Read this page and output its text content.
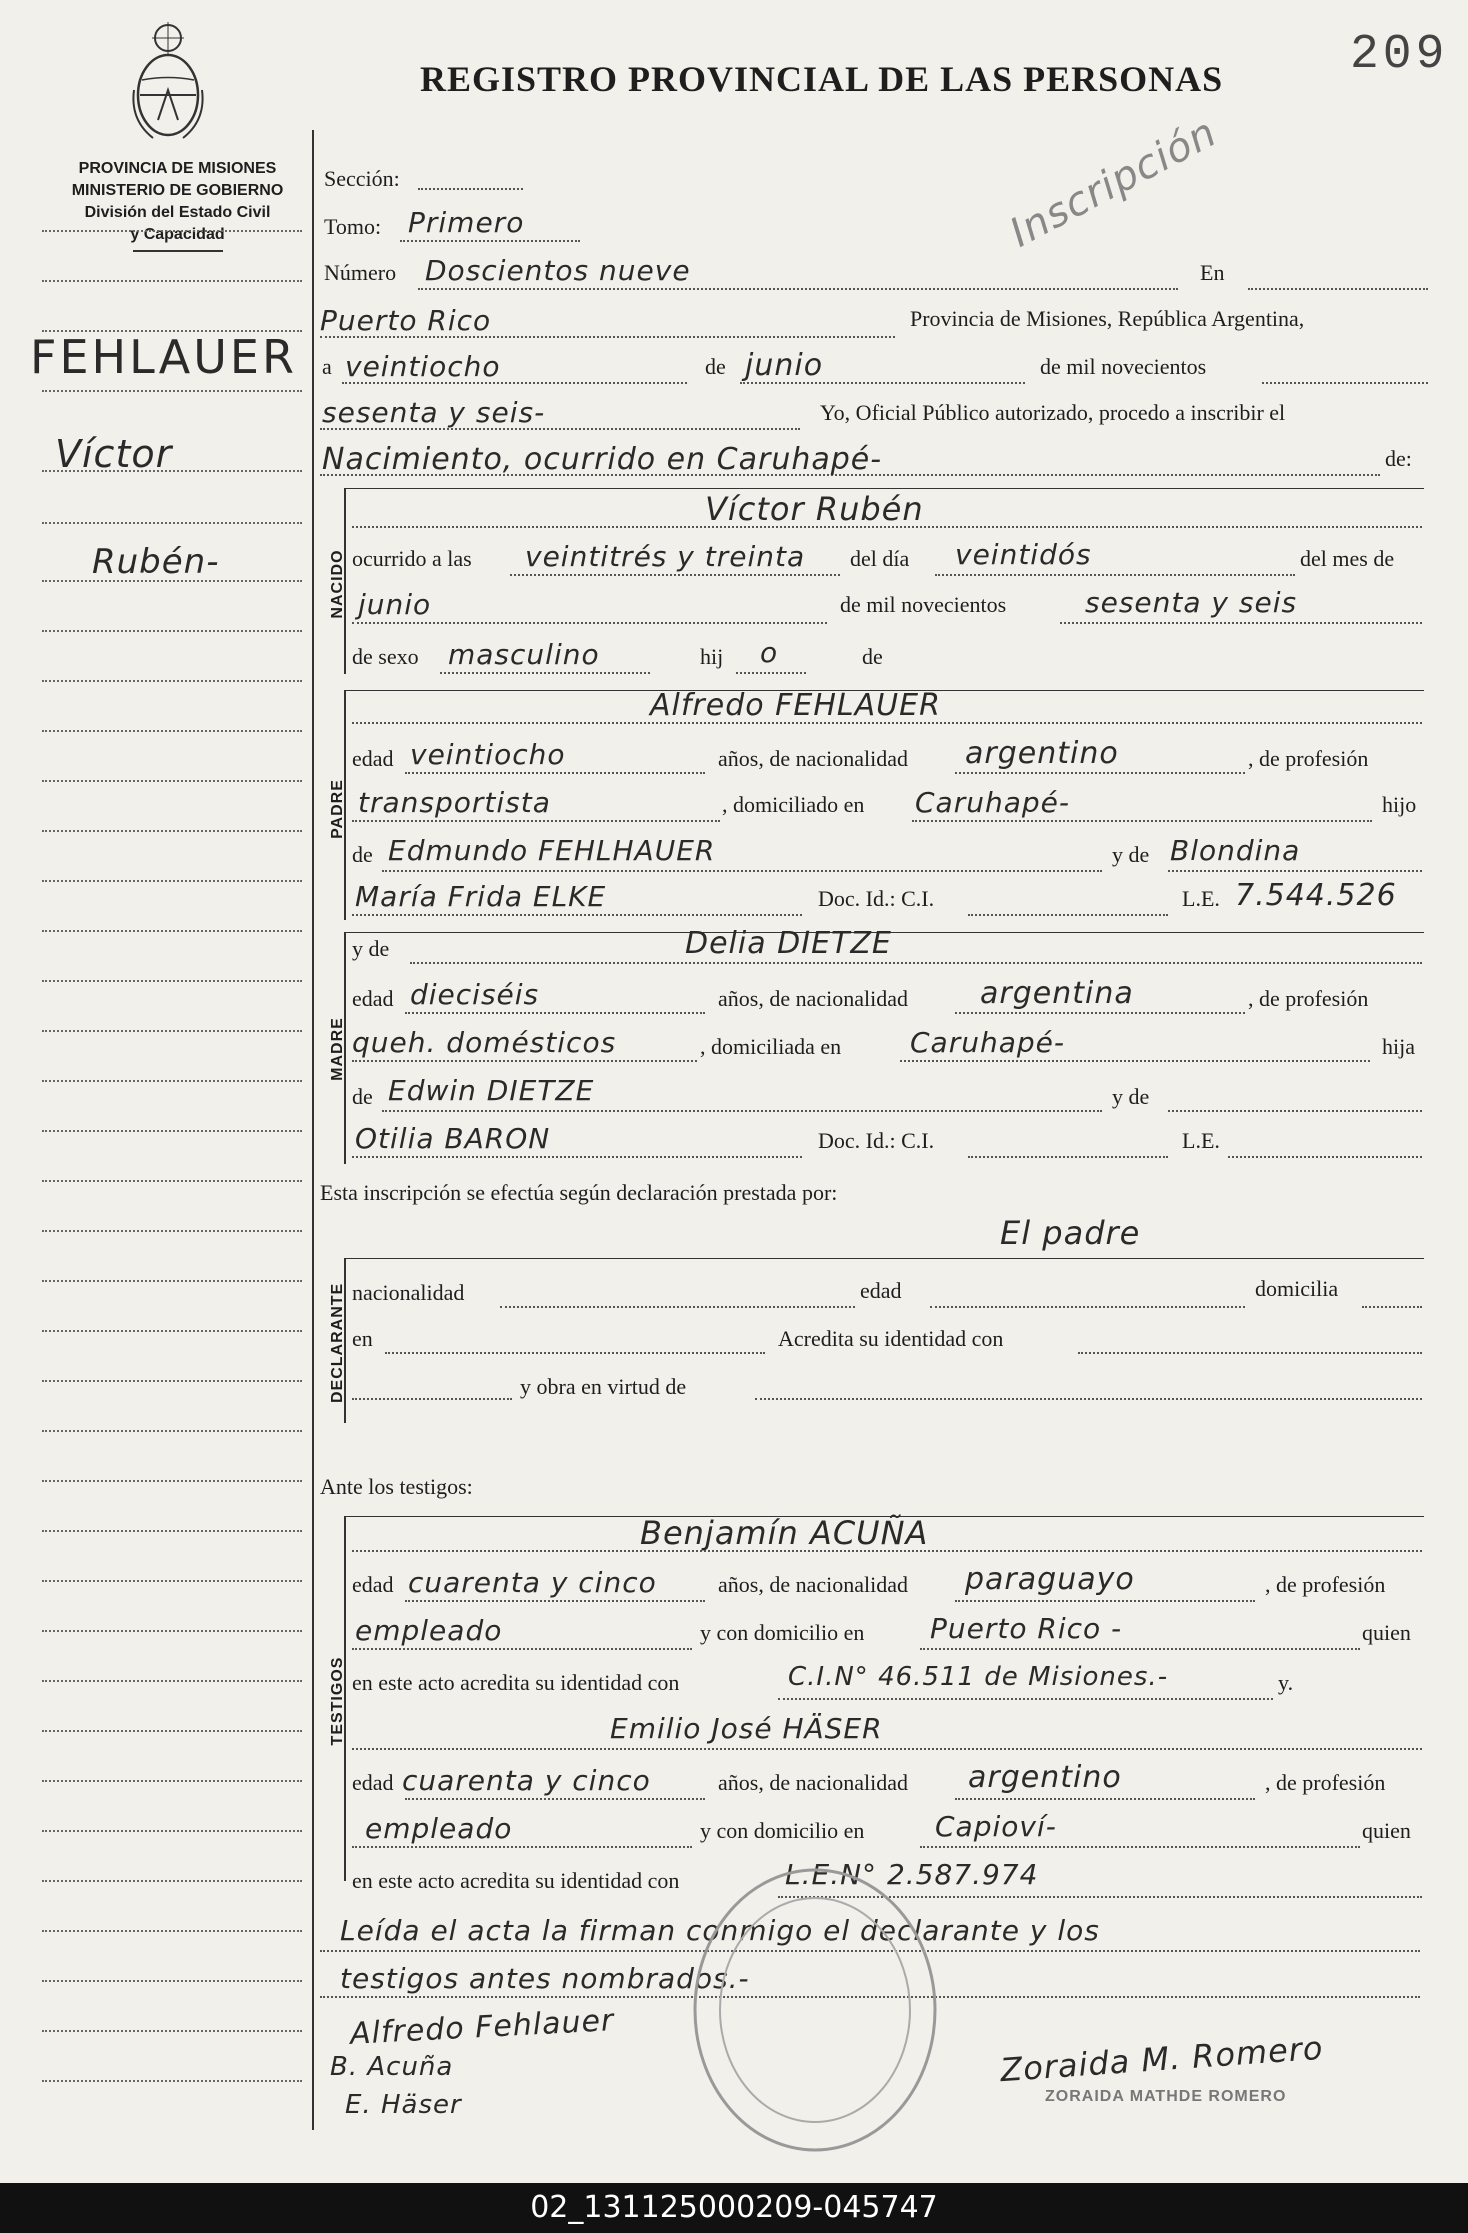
PROVINCIA DE MISIONES
MINISTERIO DE GOBIERNO
División del Estado Civil
y Capacidad
REGISTRO PROVINCIAL DE LAS PERSONAS	209
Inscripción
FEHLAUER
Víctor
Rubén-
Sección:
Tomo: Primero
Número Doscientos nueve	En
Puerto Rico	Provincia de Misiones, República Argentina,
a veintiocho	de junio	de mil novecientos
sesenta y seis-	Yo, Oficial Público autorizado, procedo a inscribir el
Nacimiento, ocurrido en Caruhapé-	de:
NACIDO
Víctor Rubén
ocurrido a las veintitrés y treinta del día veintidós	del mes de
junio	de mil novecientos	sesenta y seis
de sexo masculino	hij o	de
PADRE
Alfredo FEHLAUER
edad veintiocho	años, de nacionalidad argentino	, de profesión
transportista	, domiciliado en Caruhapé-	hijo
de Edmundo FEHLHAUER	y de Blondina
María Frida ELKE	Doc. Id.: C.I.	L.E. 7.544.526
MADRE
y de	Delia DIETZE
edad dieciséis	años, de nacionalidad argentina	, de profesión
queh. domésticos	, domiciliada en Caruhapé-	hija
de Edwin DIETZE	y de
Otilia BARON	Doc. Id.: C.I.	L.E.
Esta inscripción se efectúa según declaración prestada por:
DECLARANTE
El padre
nacionalidad	edad	domicilia
en	Acredita su identidad con
y obra en virtud de
Ante los testigos:
TESTIGOS
Benjamín ACUÑA
edad cuarenta y cinco	años, de nacionalidad paraguayo	, de profesión
empleado	y con domicilio en Puerto Rico -	quien
en este acto acredita su identidad con	C.I.N° 46.511 de Misiones.-	y.
Emilio José HÄSER
edad cuarenta y cinco	años, de nacionalidad argentino	, de profesión
empleado	y con domicilio en	Capioví-	quien
en este acto acredita su identidad con	L.E.N° 2.587.974
Leída el acta la firman conmigo el declarante y los
testigos antes nombrados.-
Alfredo Fehlauer
B. Acuña
E. Häser
Zoraida M. Romero
ZORAIDA MATHDE ROMERO
02_131125000209-045747
